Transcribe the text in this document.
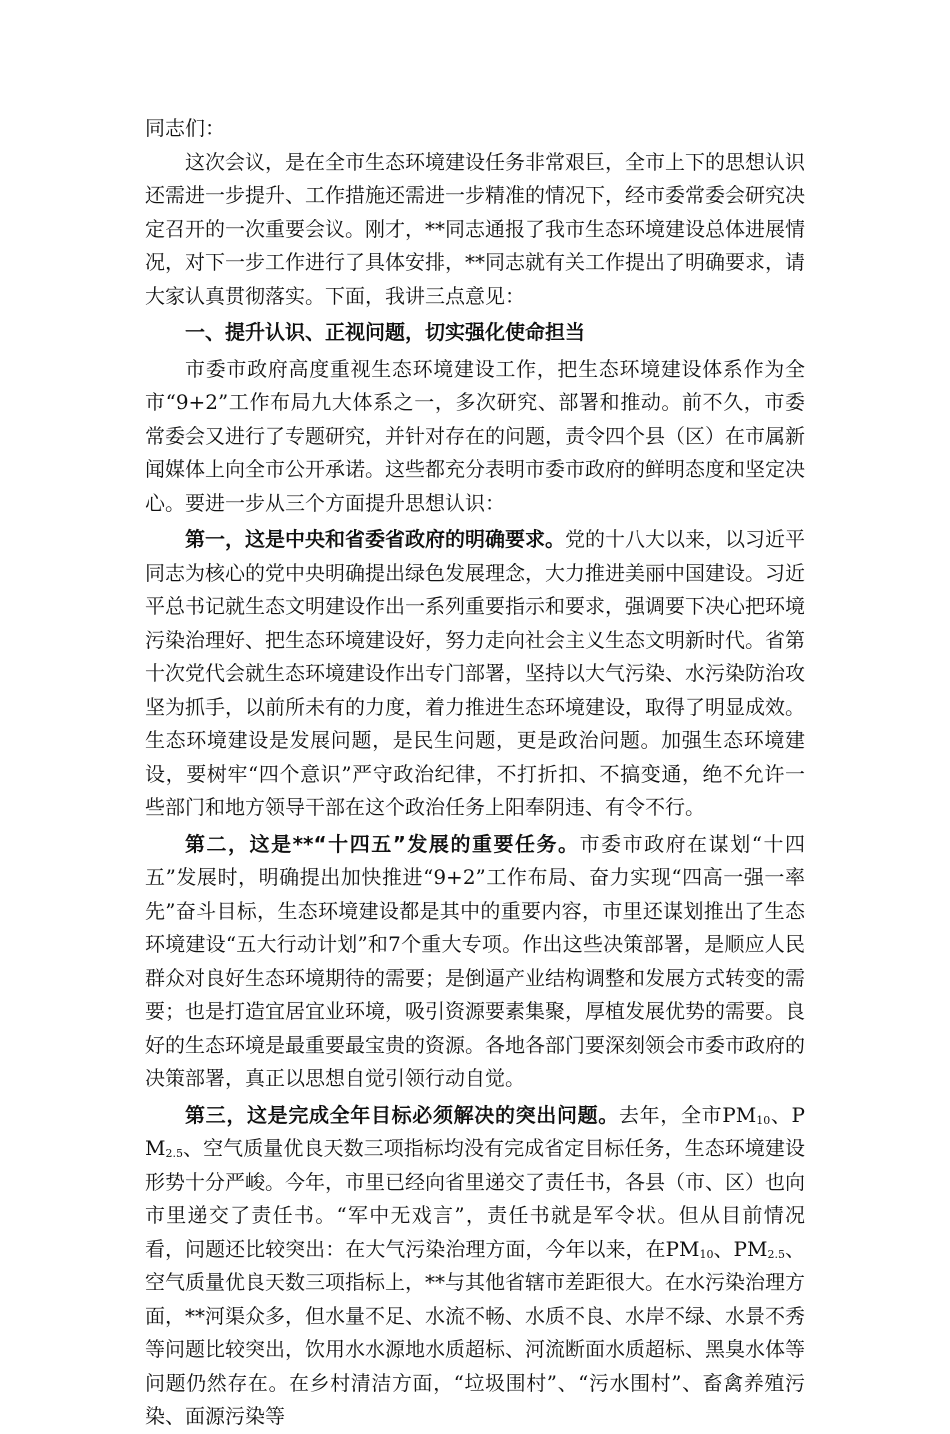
同志们：

这次会议，是在全市生态环境建设任务非常艰巨，全市上下的思想认识还需进一步提升、工作措施还需进一步精准的情况下，经市委常委会研究决定召开的一次重要会议。刚才，**同志通报了我市生态环境建设总体进展情况，对下一步工作进行了具体安排，**同志就有关工作提出了明确要求，请大家认真贯彻落实。下面，我讲三点意见：

一、提升认识、正视问题，切实强化使命担当

市委市政府高度重视生态环境建设工作，把生态环境建设体系作为全市“9+2”工作布局九大体系之一，多次研究、部署和推动。前不久，市委常委会又进行了专题研究，并针对存在的问题，责令四个县（区）在市属新闻媒体上向全市公开承诺。这些都充分表明市委市政府的鲜明态度和坚定决心。要进一步从三个方面提升思想认识：

第一，这是中央和省委省政府的明确要求。党的十八大以来，以习近平同志为核心的党中央明确提出绿色发展理念，大力推进美丽中国建设。习近平总书记就生态文明建设作出一系列重要指示和要求，强调要下决心把环境污染治理好、把生态环境建设好，努力走向社会主义生态文明新时代。省第十次党代会就生态环境建设作出专门部署，坚持以大气污染、水污染防治攻坚为抓手，以前所未有的力度，着力推进生态环境建设，取得了明显成效。生态环境建设是发展问题，是民生问题，更是政治问题。加强生态环境建设，要树牢“四个意识”严守政治纪律，不打折扣、不搞变通，绝不允许一些部门和地方领导干部在这个政治任务上阳奉阴违、有令不行。

第二，这是**“十四五”发展的重要任务。市委市政府在谋划“十四五”发展时，明确提出加快推进“9+2”工作布局、奋力实现“四高一强一率先”奋斗目标，生态环境建设都是其中的重要内容，市里还谋划推出了生态环境建设“五大行动计划”和7个重大专项。作出这些决策部署，是顺应人民群众对良好生态环境期待的需要；是倒逼产业结构调整和发展方式转变的需要；也是打造宜居宜业环境，吸引资源要素集聚，厚植发展优势的需要。良好的生态环境是最重要最宝贵的资源。各地各部门要深刻领会市委市政府的决策部署，真正以思想自觉引领行动自觉。

第三，这是完成全年目标必须解决的突出问题。去年，全市$PM_{10}$、$PM_{2.5}$、空气质量优良天数三项指标均没有完成省定目标任务，生态环境建设形势十分严峻。今年，市里已经向省里递交了责任书，各县（市、区）也向市里递交了责任书。“军中无戏言”，责任书就是军令状。但从目前情况看，问题还比较突出：在大气污染治理方面，今年以来，在$PM_{10}$、$PM_{2.5}$、空气质量优良天数三项指标上，**与其他省辖市差距很大。在水污染治理方面，**河渠众多，但水量不足、水流不畅、水质不良、水岸不绿、水景不秀等问题比较突出，饮用水水源地水质超标、河流断面水质超标、黑臭水体等问题仍然存在。在乡村清洁方面，“垃圾围村”、“污水围村”、畜禽养殖污染、面源污染等
